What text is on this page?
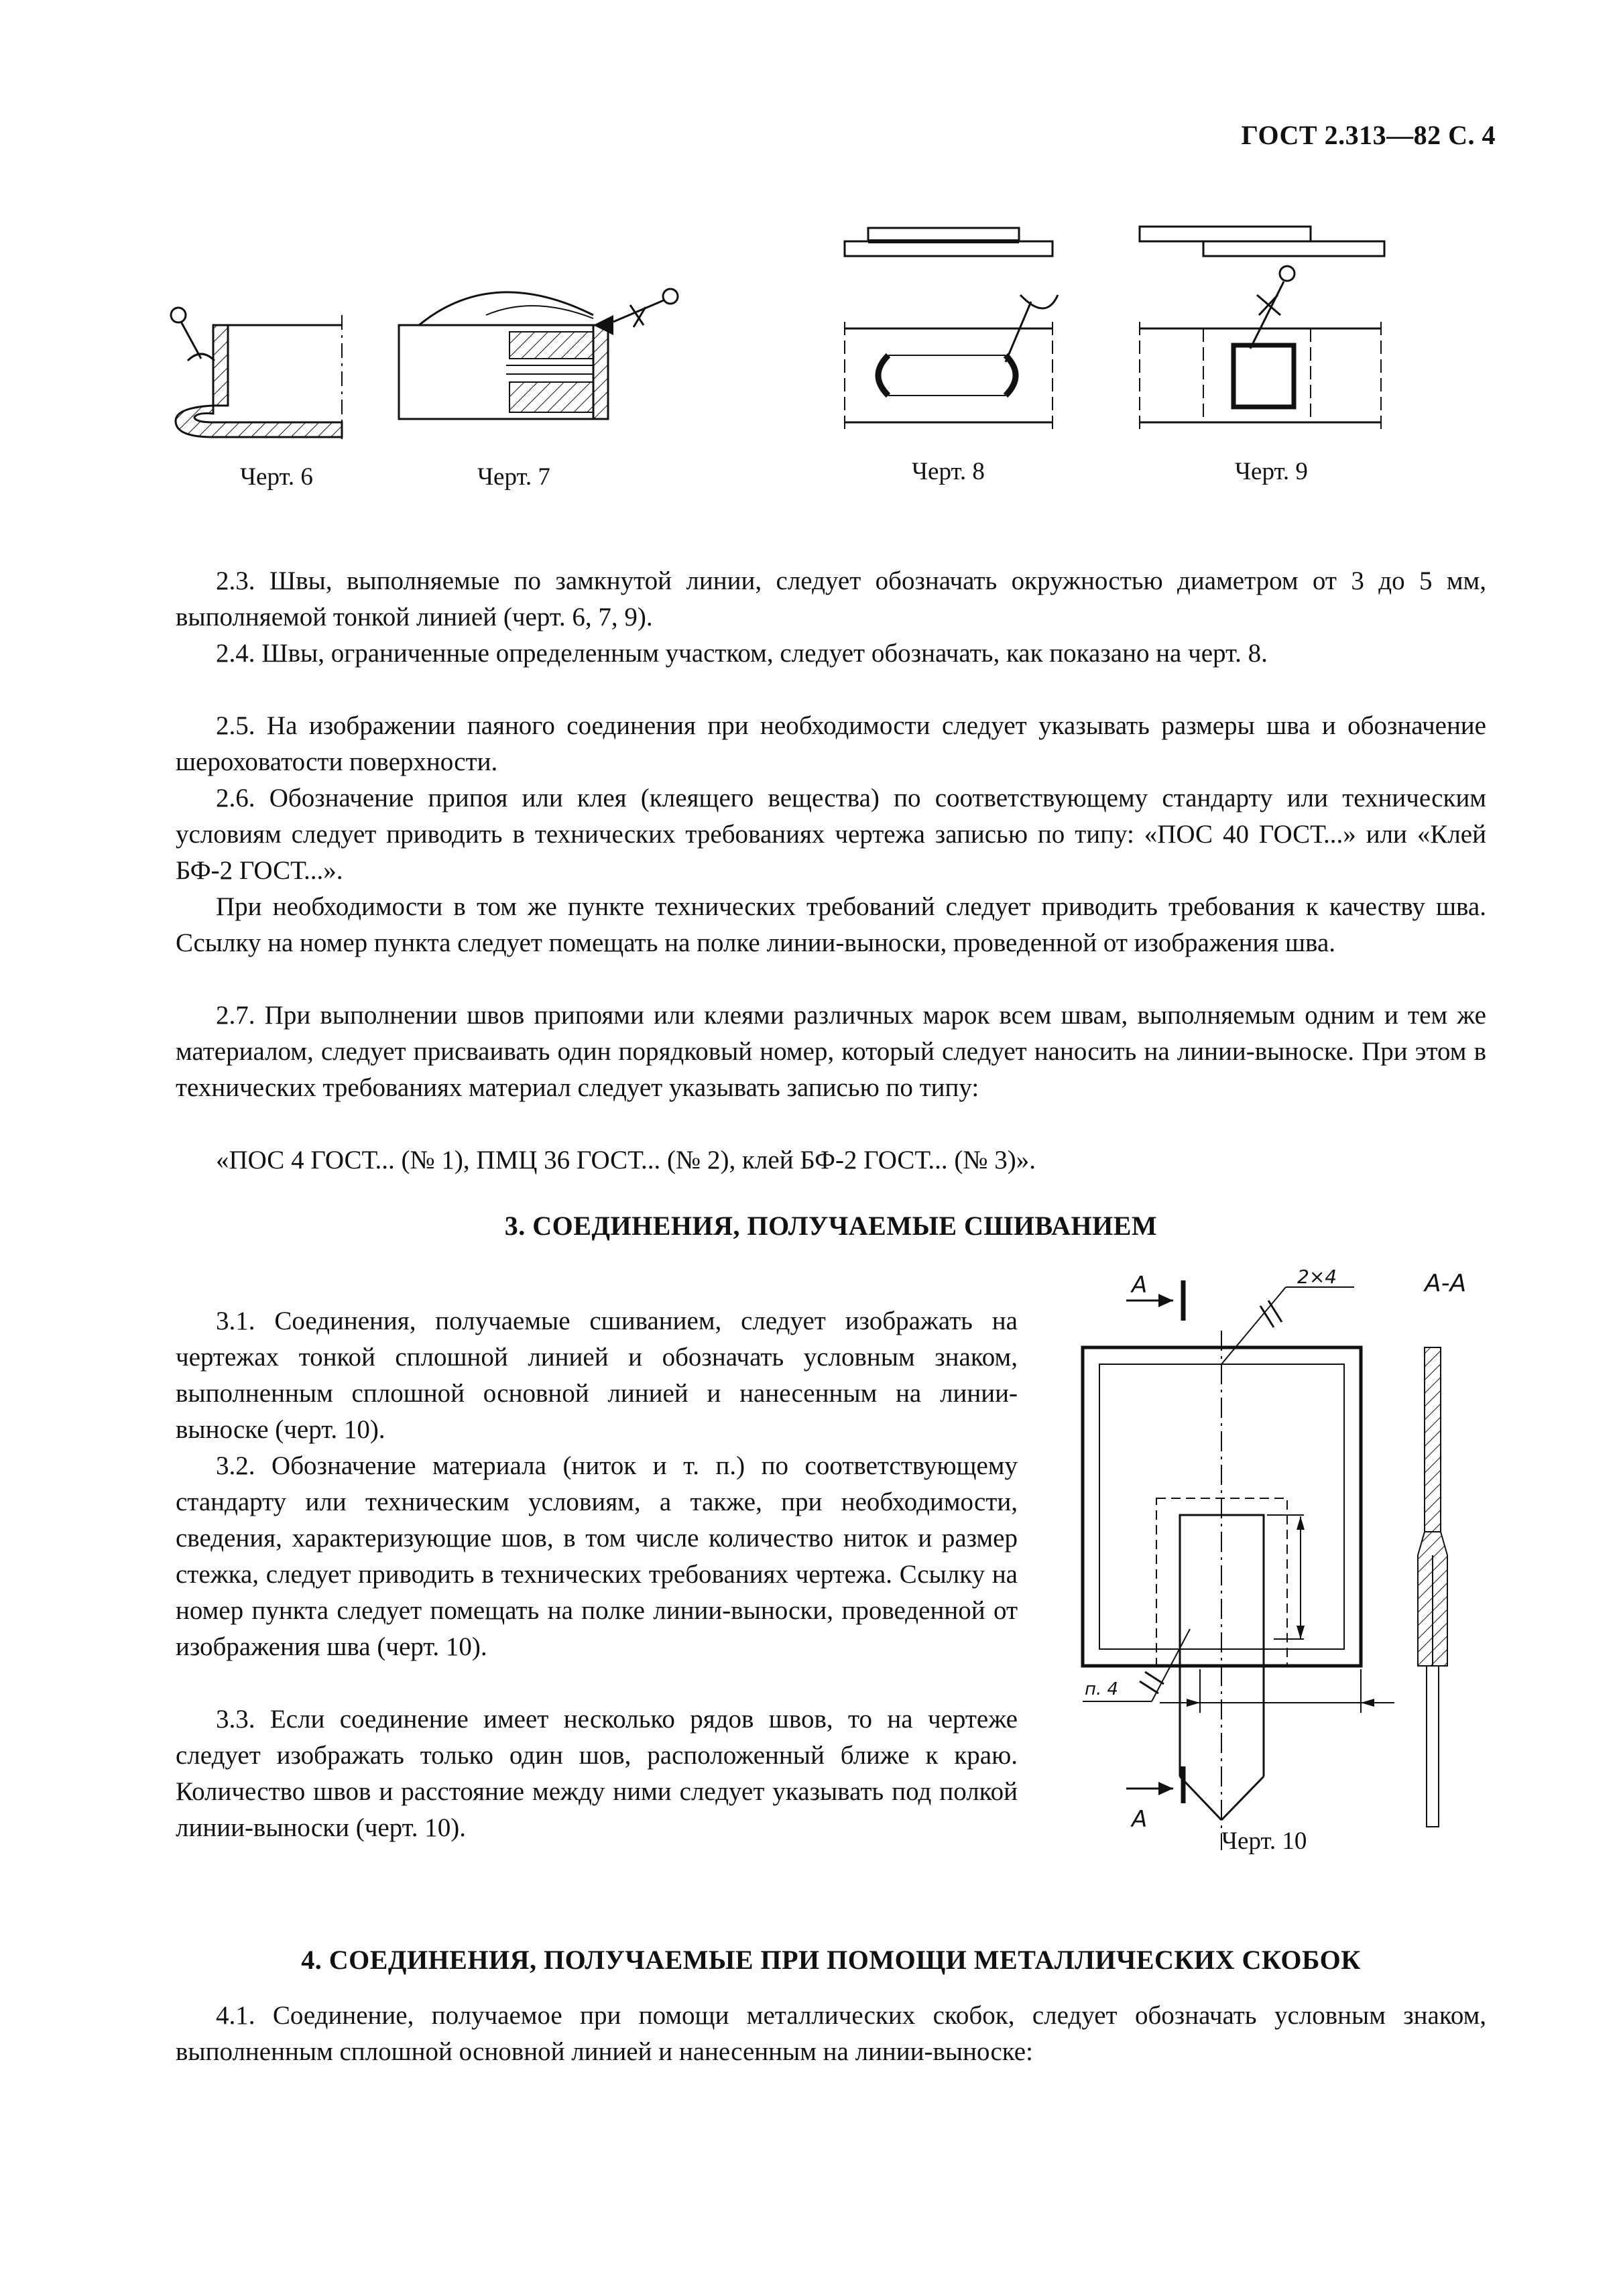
ГОСТ 2.313—82 С. 4
Черт. 6	Черт. 7	Черт. 8	Черт. 9

2.3. Швы, выполняемые по замкнутой линии, следует обозначать окружностью диаметром от 3 до 5 мм, выполняемой тонкой линией (черт. 6, 7, 9).

2.4. Швы, ограниченные определенным участком, следует обозначать, как показано на черт. 8.

2.5. На изображении паяного соединения при необходимости следует указывать размеры шва и обозначение шероховатости поверхности.

2.6. Обозначение припоя или клея (клеящего вещества) по соответствующему стандарту или техническим условиям следует приводить в технических требованиях чертежа записью по типу: «ПОС 40 ГОСТ...» или «Клей БФ-2 ГОСТ...».

При необходимости в том же пункте технических требований следует приводить требования к качеству шва. Ссылку на номер пункта следует помещать на полке линии-выноски, проведенной от изображения шва.

2.7. При выполнении швов припоями или клеями различных марок всем швам, выполняемым одним и тем же материалом, следует присваивать один порядковый номер, который следует наносить на линии-выноске. При этом в технических требованиях материал следует указывать записью по типу:

«ПОС 4 ГОСТ... (№ 1), ПМЦ 36 ГОСТ... (№ 2), клей БФ-2 ГОСТ... (№ 3)».

3. СОЕДИНЕНИЯ, ПОЛУЧАЕМЫЕ СШИВАНИЕМ

3.1. Соединения, получаемые сшиванием, следует изображать на чертежах тонкой сплошной линией и обозначать условным знаком, выполненным сплошной основной линией и нанесенным на линии-выноске (черт. 10).

3.2. Обозначение материала (ниток и т. п.) по соответствующему стандарту или техническим условиям, а также, при необходимости, сведения, характеризующие шов, в том числе количество ниток и размер стежка, следует приводить в технических требованиях чертежа. Ссылку на номер пункта следует помещать на полке линии-выноски, проведенной от изображения шва (черт. 10).

3.3. Если соединение имеет несколько рядов швов, то на чертеже следует изображать только один шов, расположенный ближе к краю. Количество швов и расстояние между ними следует указывать под полкой линии-выноски (черт. 10).

А	2×4
п. 4
А
А-А
Черт. 10
4. СОЕДИНЕНИЯ, ПОЛУЧАЕМЫЕ ПРИ ПОМОЩИ МЕТАЛЛИЧЕСКИХ СКОБОК

4.1. Соединение, получаемое при помощи металлических скобок, следует обозначать условным знаком, выполненным сплошной основной линией и нанесенным на линии-выноске:
